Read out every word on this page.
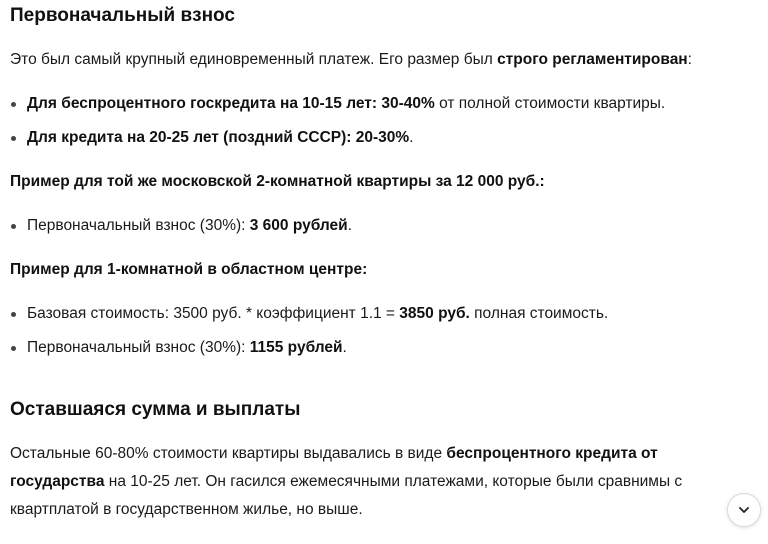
Первоначальный взнос

Это был самый крупный единовременный платеж. Его размер был строго регламентирован:

Для беспроцентного госкредита на 10-15 лет: 30-40% от полной стоимости квартиры.
Для кредита на 20-25 лет (поздний СССР): 20-30%.

Пример для той же московской 2-комнатной квартиры за 12 000 руб.:

Первоначальный взнос (30%): 3 600 рублей.

Пример для 1-комнатной в областном центре:

Базовая стоимость: 3500 руб. * коэффициент 1.1 = 3850 руб. полная стоимость.
Первоначальный взнос (30%): 1155 рублей.
Оставшаяся сумма и выплаты

Остальные 60-80% стоимости квартиры выдавались в виде беспроцентного кредита от государства на 10-25 лет. Он гасился ежемесячными платежами, которые были сравнимы с квартплатой в государственном жилье, но выше.
